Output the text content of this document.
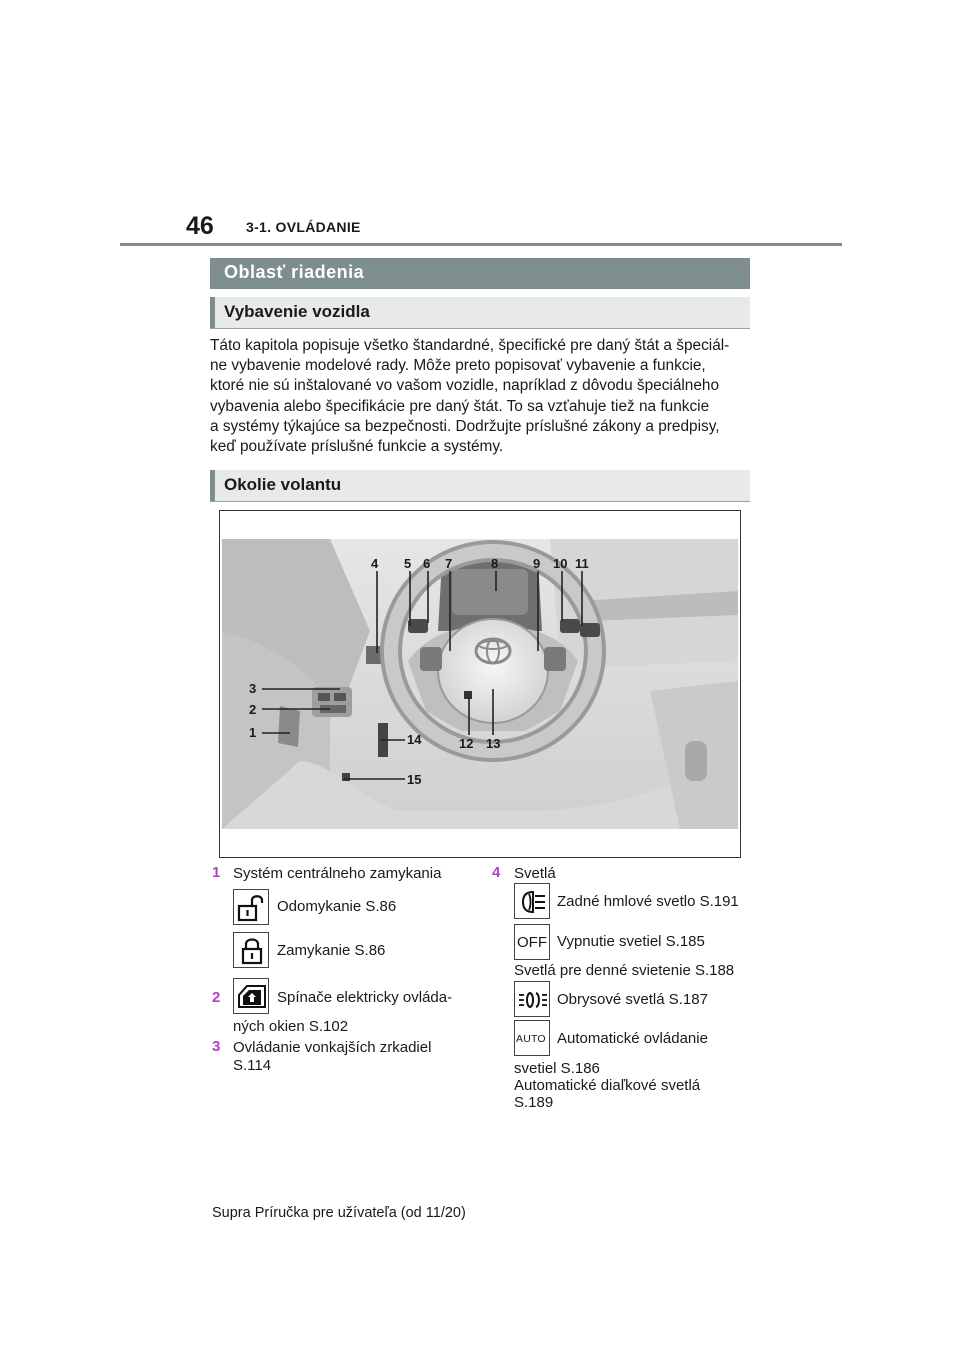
46 3-1. OVLÁDANIE
Oblasť riadenia
Vybavenie vozidla
Táto kapitola popisuje všetko štandardné, špecifické pre daný štát a špeciál-
ne vybavenie modelové rady. Môže preto popisovať vybavenie a funkcie,
ktoré nie sú inštalované vo vašom vozidle, napríklad z dôvodu špeciálneho
vybavenia alebo špecifikácie pre daný štát. To sa vzťahuje tiež na funkcie
a systémy týkajúce sa bezpečnosti. Dodržujte príslušné zákony a predpisy,
keď používate príslušné funkcie a systémy.
Okolie volantu
4 5 6 7	8	9 10 11
3
2
1	14
15
12 13
1 Systém centrálneho zamykania
Odomykanie S.86
Zamykanie S.86
2	Spínače elektricky ovláda-
ných okien S.102
3 Ovládanie vonkajších zrkadiel
S.114
4 Svetlá
Zadné hmlové svetlo S.191
OFF Vypnutie svetiel S.185
Svetlá pre denné svietenie S.188
Obrysové svetlá S.187
AUTO Automatické ovládanie
svetiel S.186
Automatické diaľkové svetlá
S.189
Supra Príručka pre užívateľa (od 11/20)
